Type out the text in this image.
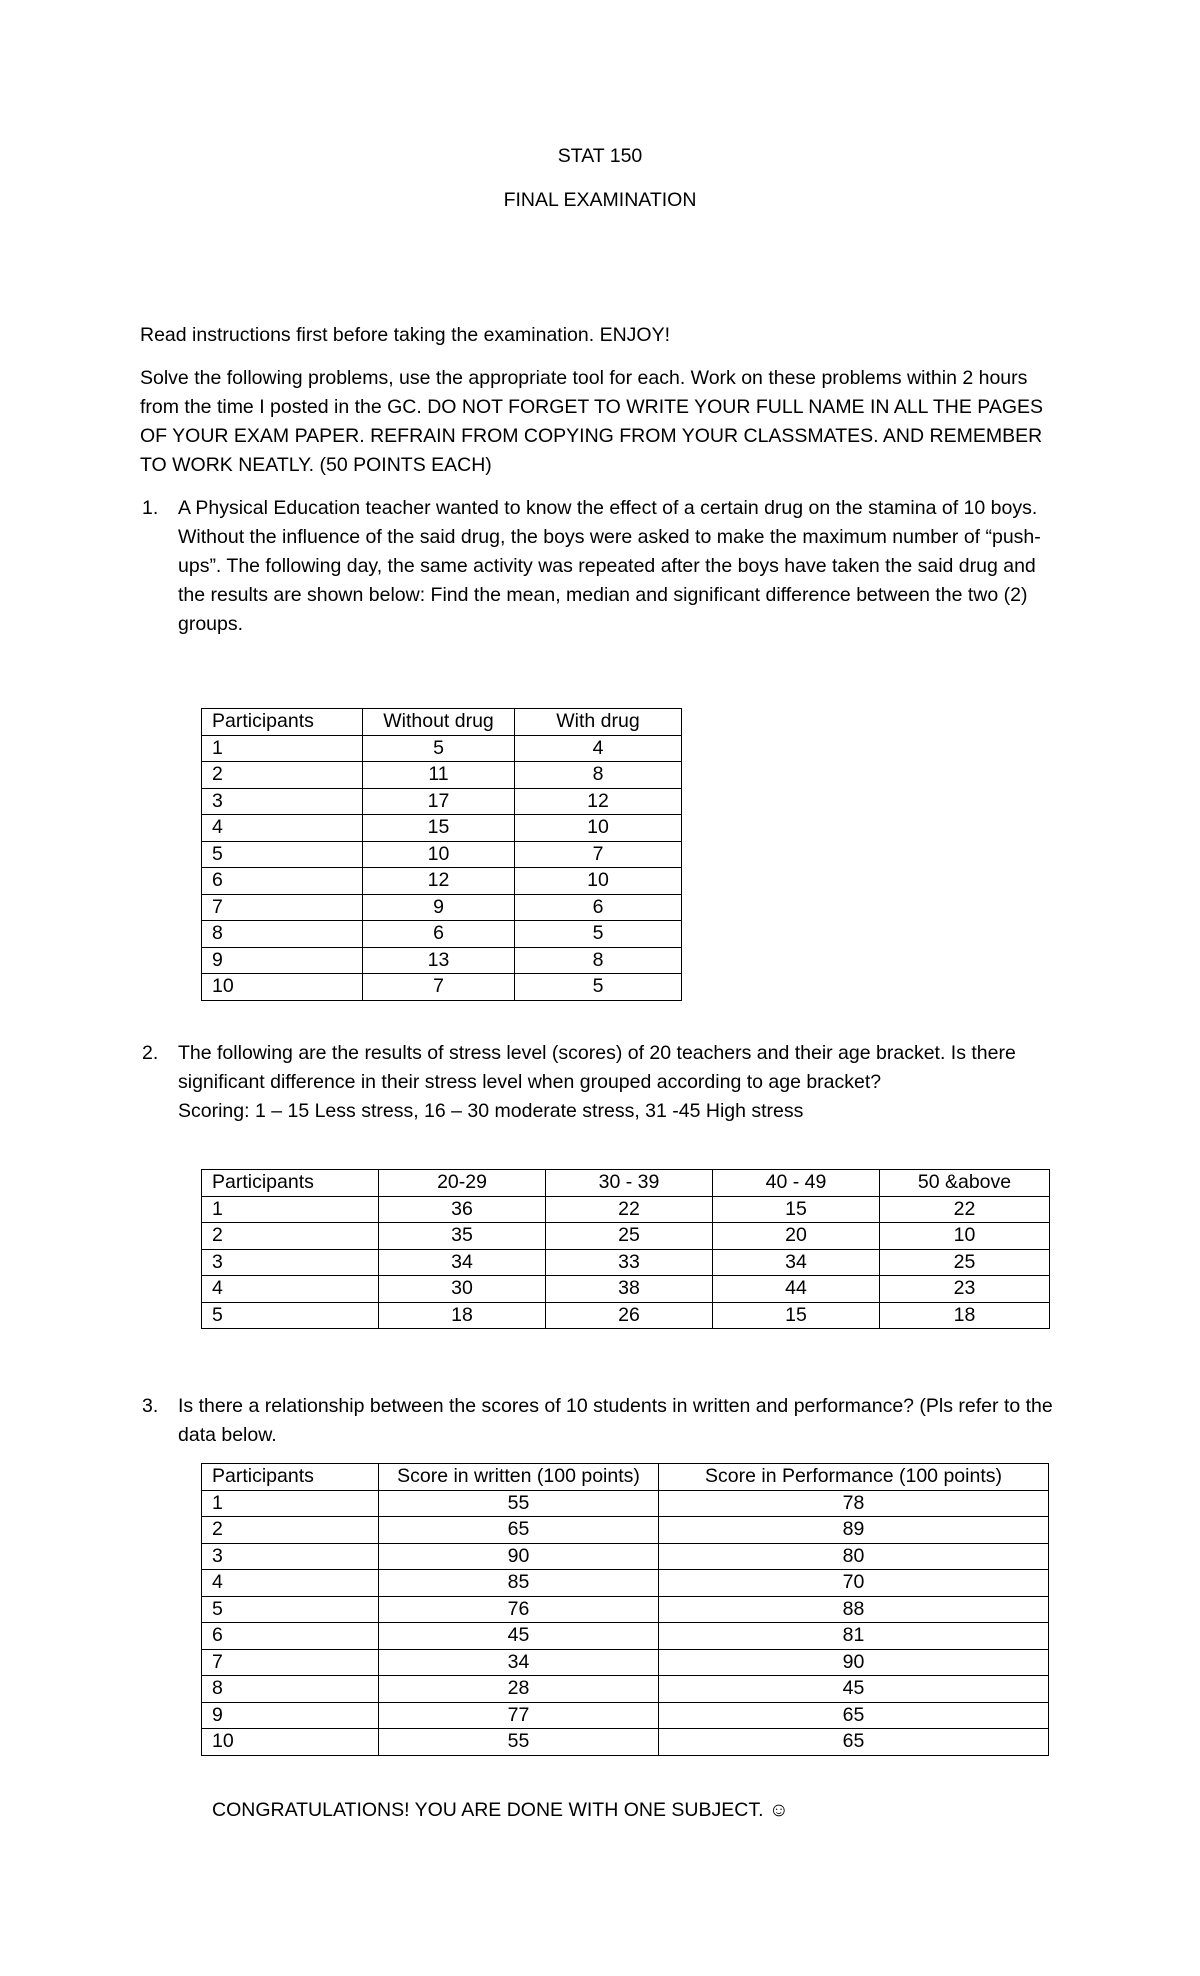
STAT 150
FINAL EXAMINATION

Read instructions first before taking the examination. ENJOY!

Solve the following problems, use the appropriate tool for each. Work on these problems within 2 hours from the time I posted in the GC. DO NOT FORGET TO WRITE YOUR FULL NAME IN ALL THE PAGES OF YOUR EXAM PAPER. REFRAIN FROM COPYING FROM YOUR CLASSMATES. AND REMEMBER TO WORK NEATLY. (50 POINTS EACH)

1. A Physical Education teacher wanted to know the effect of a certain drug on the stamina of 10 boys. Without the influence of the said drug, the boys were asked to make the maximum number of “push-ups”. The following day, the same activity was repeated after the boys have taken the said drug and the results are shown below: Find the mean, median and significant difference between the two (2) groups.
Participants	Without drug	With drug
1	5	4
2	11	8
3	17	12
4	15	10
5	10	7
6	12	10
7	9	6
8	6	5
9	13	8
10	7	5
2. The following are the results of stress level (scores) of 20 teachers and their age bracket. Is there significant difference in their stress level when grouped according to age bracket?
Scoring: 1 – 15 Less stress, 16 – 30 moderate stress, 31 -45 High stress
Participants	20-29	30 - 39	40 - 49	50 &above
1	36	22	15	22
2	35	25	20	10
3	34	33	34	25
4	30	38	44	23
5	18	26	15	18
3. Is there a relationship between the scores of 10 students in written and performance? (Pls refer to the data below.
Participants	Score in written (100 points)	Score in Performance (100 points)
1	55	78
2	65	89
3	90	80
4	85	70
5	76	88
6	45	81
7	34	90
8	28	45
9	77	65
10	55	65
CONGRATULATIONS! YOU ARE DONE WITH ONE SUBJECT. ☺
